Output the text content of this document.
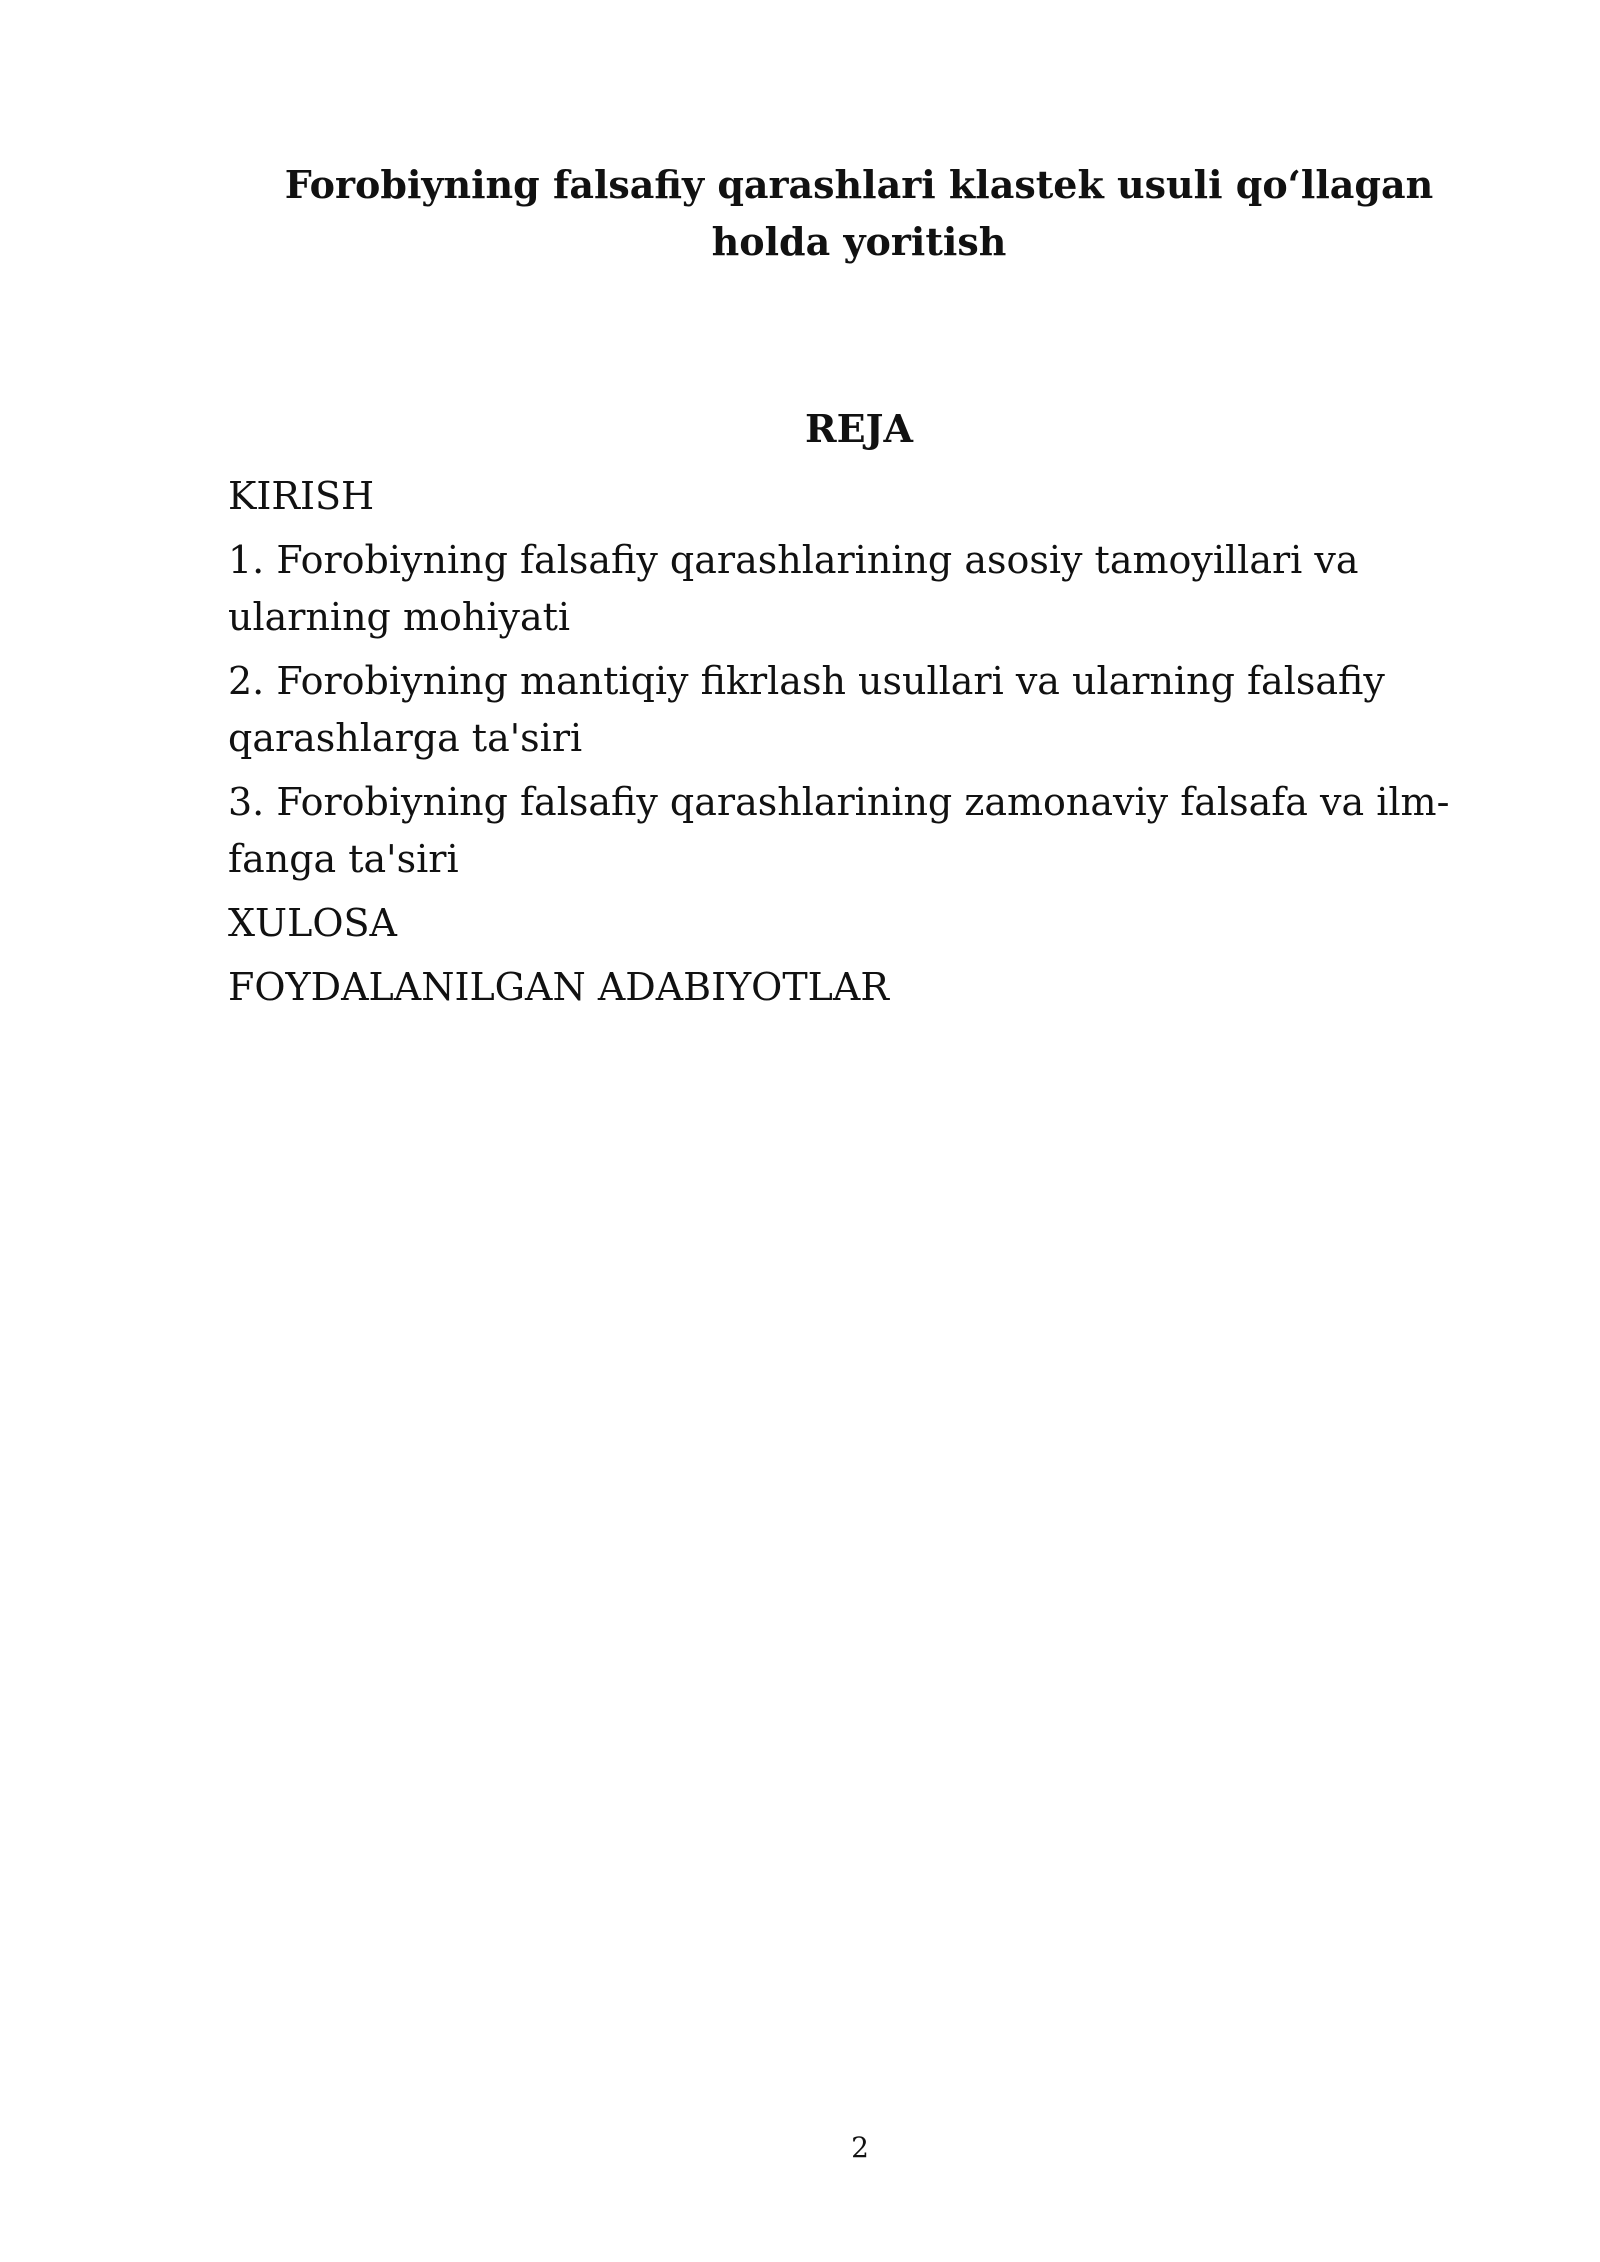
Forobiyning falsafiy qarashlari klastek usuli qo‘llagan holda yoritish
REJA
KIRISH
1. Forobiyning falsafiy qarashlarining asosiy tamoyillari va ularning mohiyati
2. Forobiyning mantiqiy fikrlash usullari va ularning falsafiy qarashlarga ta'siri
3. Forobiyning falsafiy qarashlarining zamonaviy falsafa va ilm-fanga ta'siri
XULOSA
FOYDALANILGAN ADABIYOTLAR

2
